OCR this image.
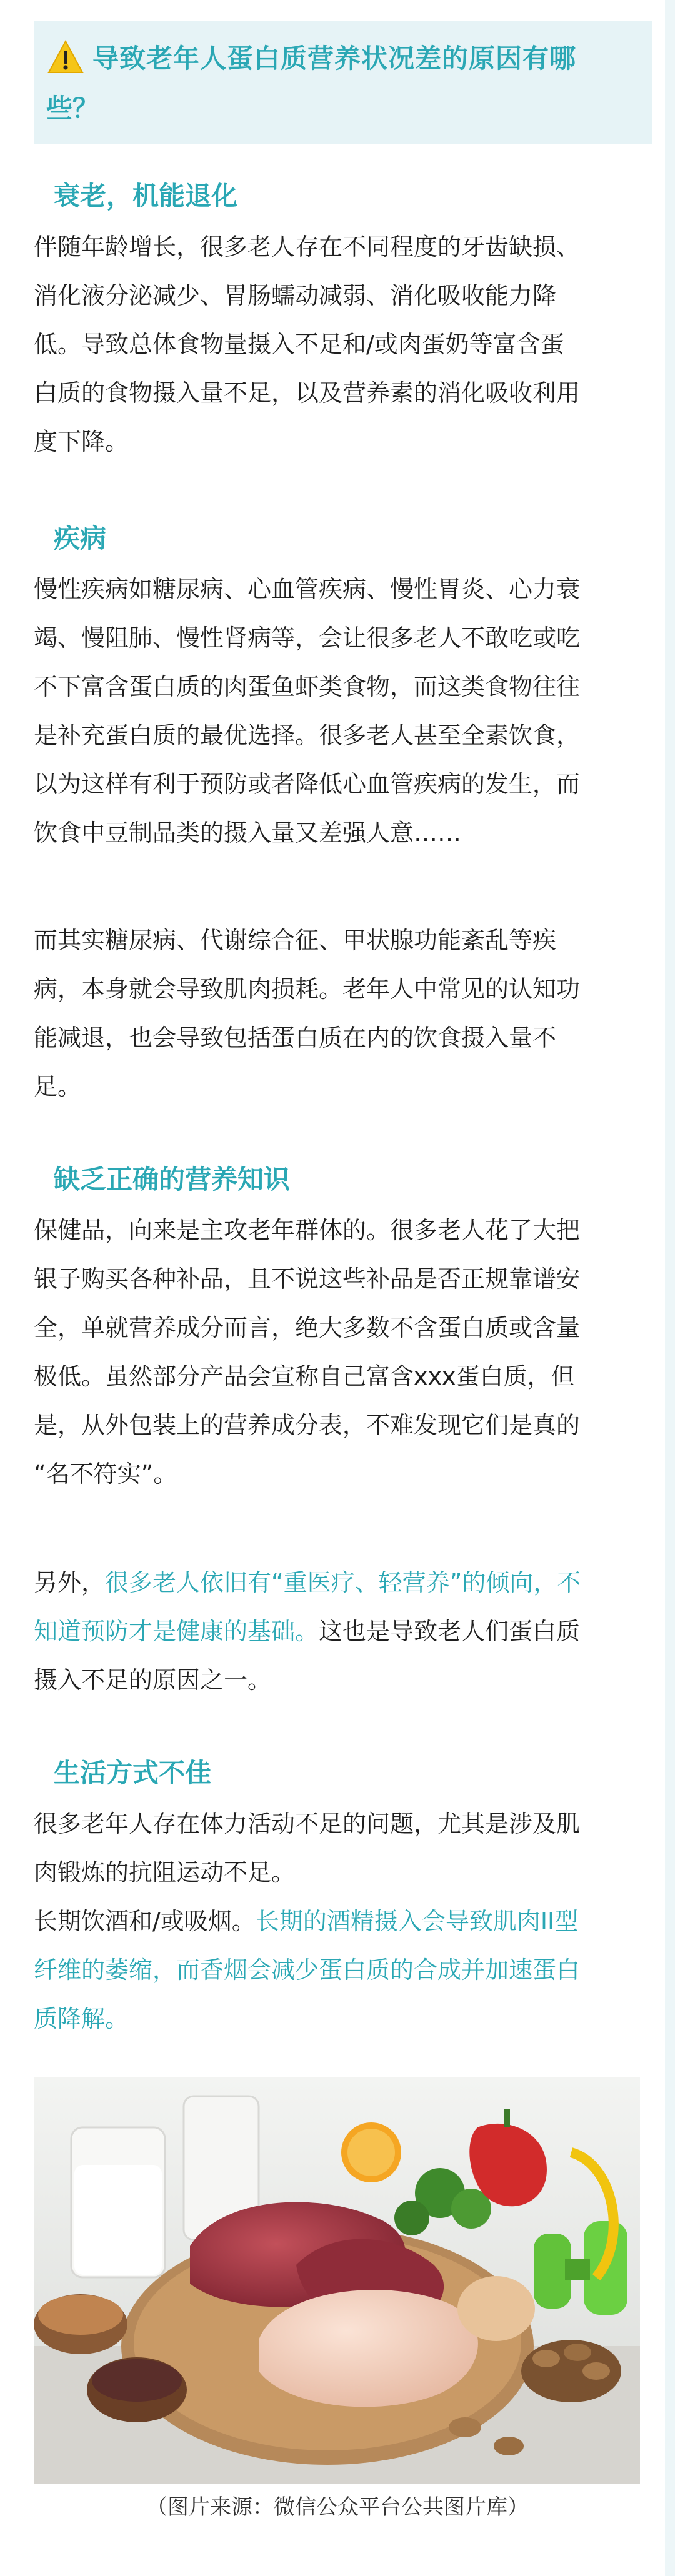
导致老年人蛋白质营养状况差的原因有哪
些？
衰老，机能退化
伴随年龄增长，很多老人存在不同程度的牙齿缺损、
消化液分泌减少、胃肠蠕动减弱、消化吸收能力降
低。导致总体食物量摄入不足和/或肉蛋奶等富含蛋
白质的食物摄入量不足，以及营养素的消化吸收利用
度下降。
疾病
慢性疾病如糖尿病、心血管疾病、慢性胃炎、心力衰
竭、慢阻肺、慢性肾病等，会让很多老人不敢吃或吃
不下富含蛋白质的肉蛋鱼虾类食物，而这类食物往往
是补充蛋白质的最优选择。很多老人甚至全素饮食，
以为这样有利于预防或者降低心血管疾病的发生，而
饮食中豆制品类的摄入量又差强人意……
而其实糖尿病、代谢综合征、甲状腺功能紊乱等疾
病，本身就会导致肌肉损耗。老年人中常见的认知功
能减退，也会导致包括蛋白质在内的饮食摄入量不
足。
缺乏正确的营养知识
保健品，向来是主攻老年群体的。很多老人花了大把
银子购买各种补品，且不说这些补品是否正规靠谱安
全，单就营养成分而言，绝大多数不含蛋白质或含量
极低。虽然部分产品会宣称自己富含xxx蛋白质，但
是，从外包装上的营养成分表，不难发现它们是真的
“名不符实”。
另外，很多老人依旧有“重医疗、轻营养”的倾向，不
知道预防才是健康的基础。这也是导致老人们蛋白质
摄入不足的原因之一。
生活方式不佳
很多老年人存在体力活动不足的问题，尤其是涉及肌
肉锻炼的抗阻运动不足。
长期饮酒和/或吸烟。长期的酒精摄入会导致肌肉II型
纤维的萎缩，而香烟会减少蛋白质的合成并加速蛋白
质降解。
（图片来源：微信公众平台公共图片库）
